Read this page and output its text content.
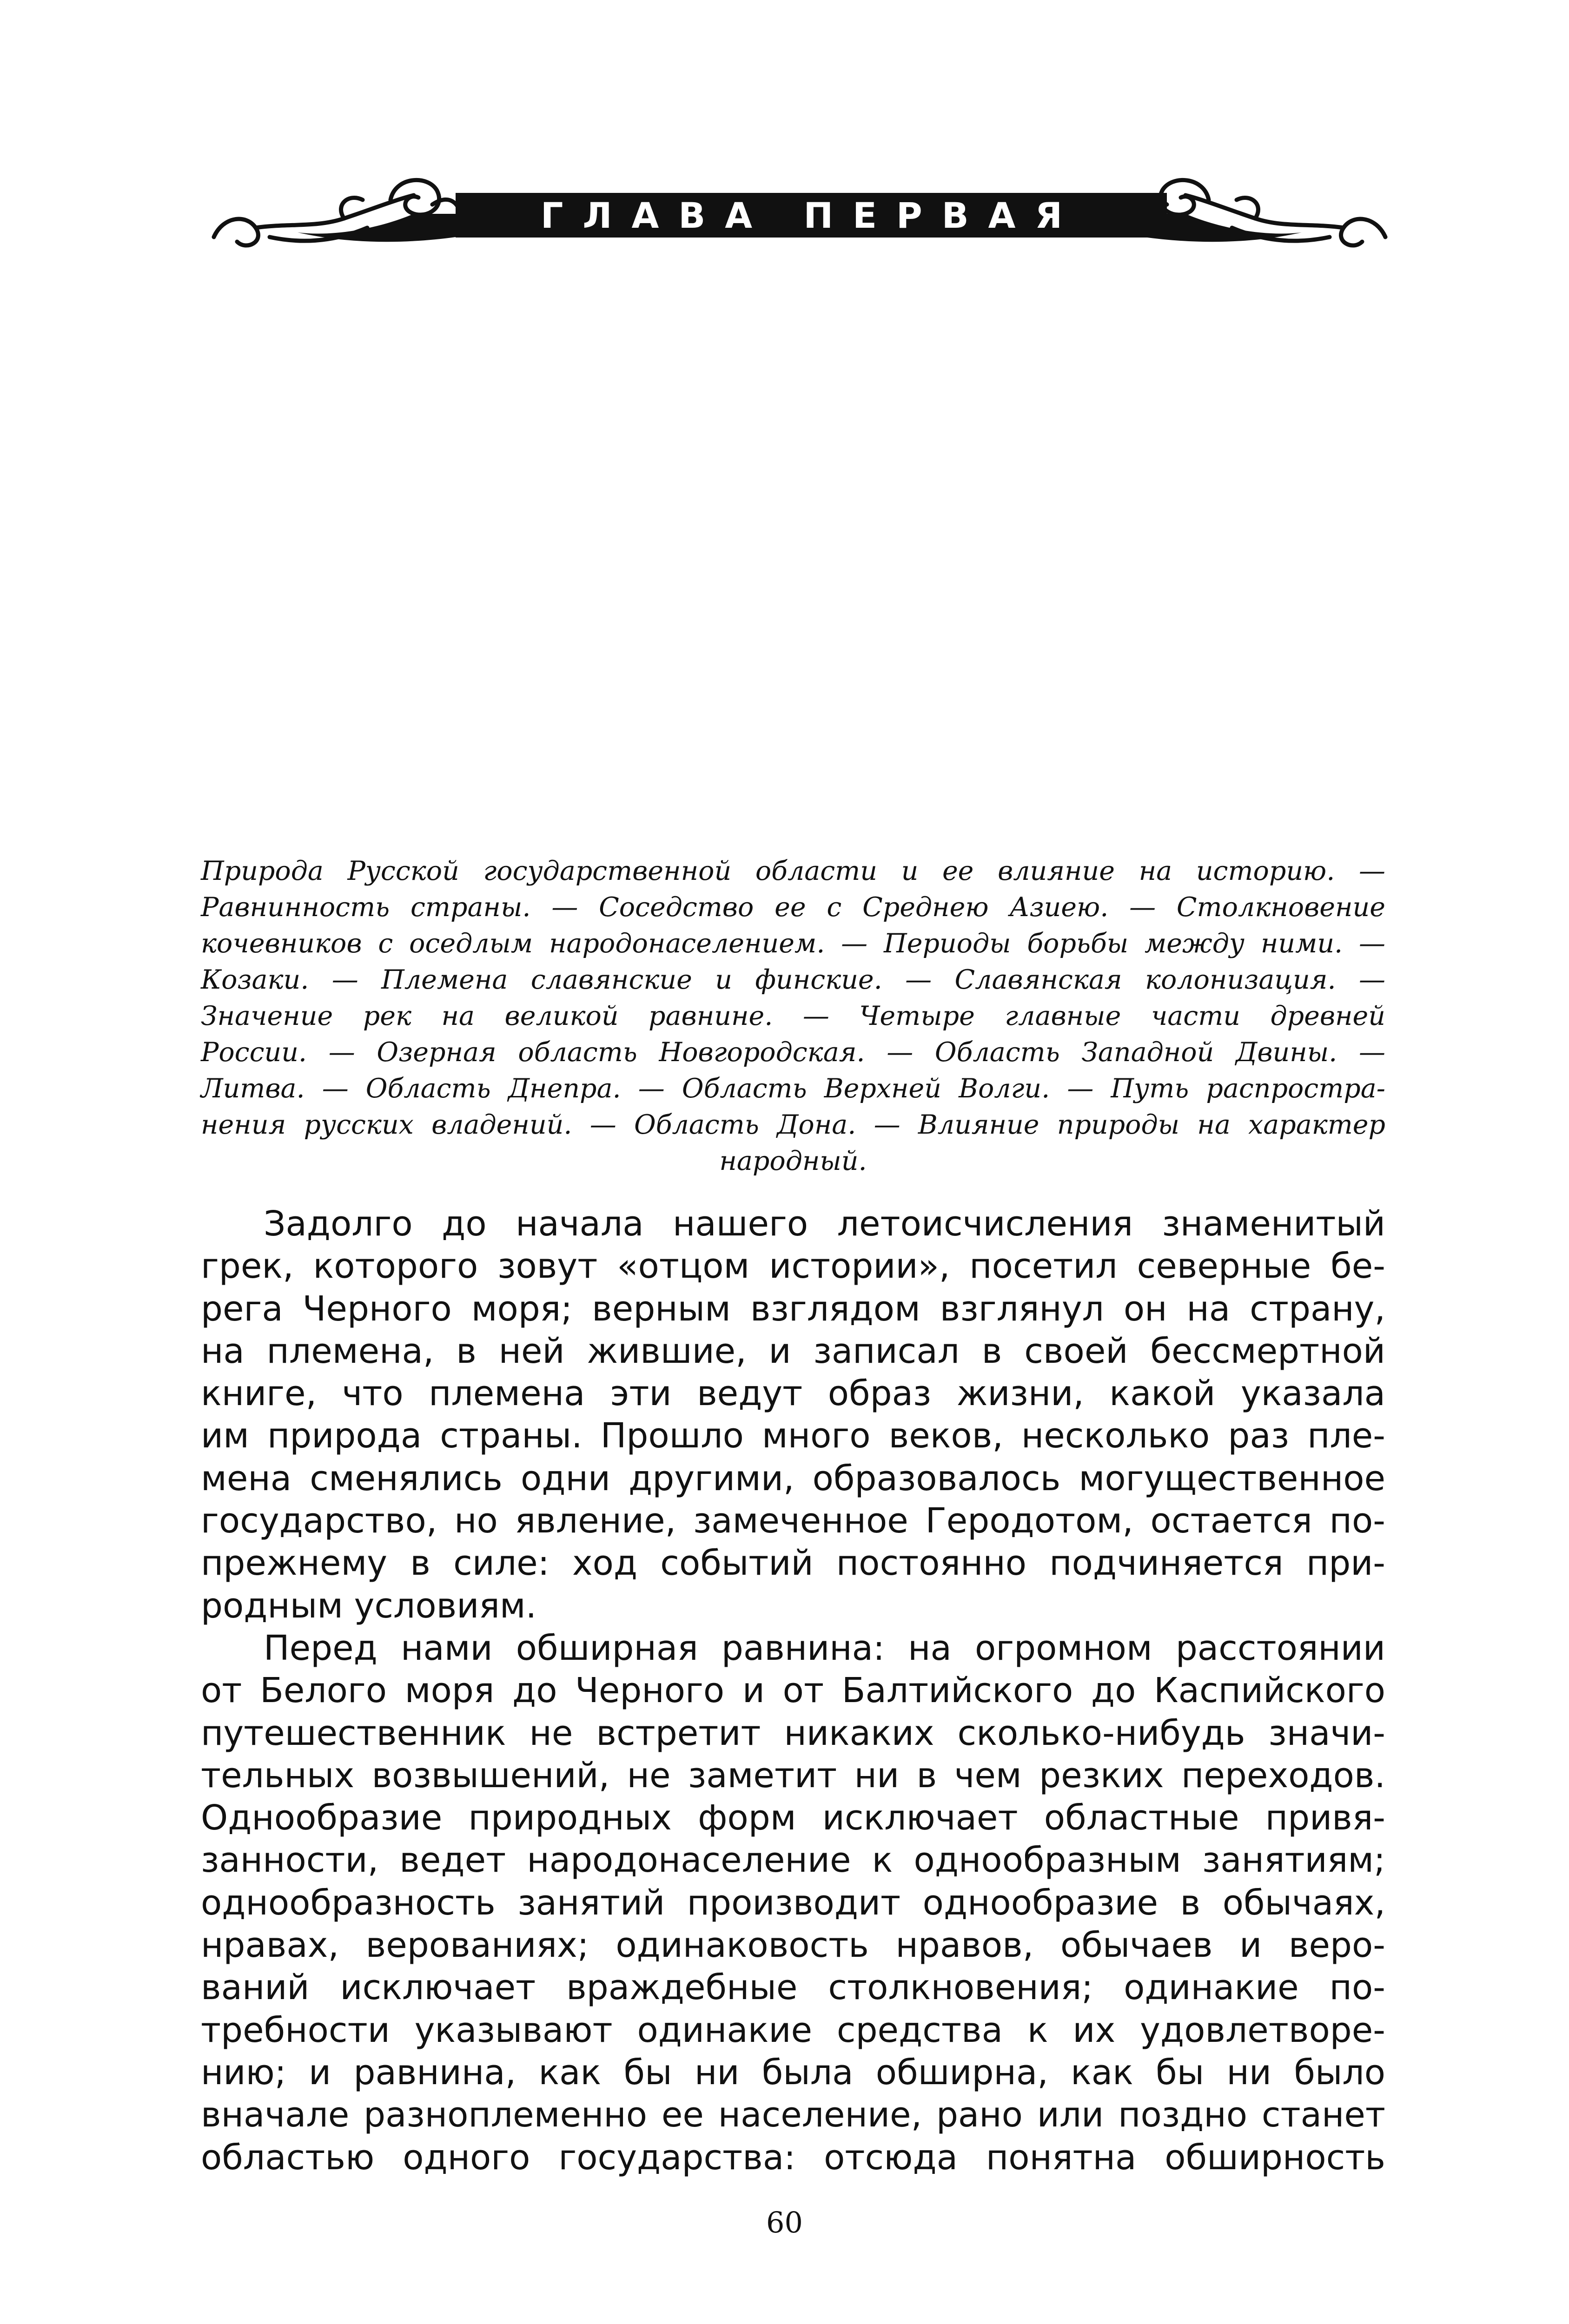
ГЛАВА ПЕРВАЯ
Природа Русской государственной области и ее влияние на историю. —
Равнинность страны. — Соседство ее с Среднею Азиею. — Столкновение
кочевников с оседлым народонаселением. — Периоды борьбы между ними. —
Козаки. — Племена славянские и финские. — Славянская колонизация. —
Значение рек на великой равнине. — Четыре главные части древней
России. — Озерная область Новгородская. — Область Западной Двины. —
Литва. — Область Днепра. — Область Верхней Волги. — Путь распростра-
нения русских владений. — Область Дона. — Влияние природы на характер
народный.
Задолго до начала нашего летоисчисления знаменитый
грек, которого зовут «отцом истории», посетил северные бе-
рега Черного моря; верным взглядом взглянул он на страну,
на племена, в ней жившие, и записал в своей бессмертной
книге, что племена эти ведут образ жизни, какой указала
им природа страны. Прошло много веков, несколько раз пле-
мена сменялись одни другими, образовалось могущественное
государство, но явление, замеченное Геродотом, остается по-
прежнему в силе: ход событий постоянно подчиняется при-
родным условиям.
Перед нами обширная равнина: на огромном расстоянии
от Белого моря до Черного и от Балтийского до Каспийского
путешественник не встретит никаких сколько-нибудь значи-
тельных возвышений, не заметит ни в чем резких переходов.
Однообразие природных форм исключает областные привя-
занности, ведет народонаселение к однообразным занятиям;
однообразность занятий производит однообразие в обычаях,
нравах, верованиях; одинаковость нравов, обычаев и веро-
ваний исключает враждебные столкновения; одинакие по-
требности указывают одинакие средства к их удовлетворе-
нию; и равнина, как бы ни была обширна, как бы ни было
вначале разноплеменно ее население, рано или поздно станет
областью одного государства: отсюда понятна обширность
60
